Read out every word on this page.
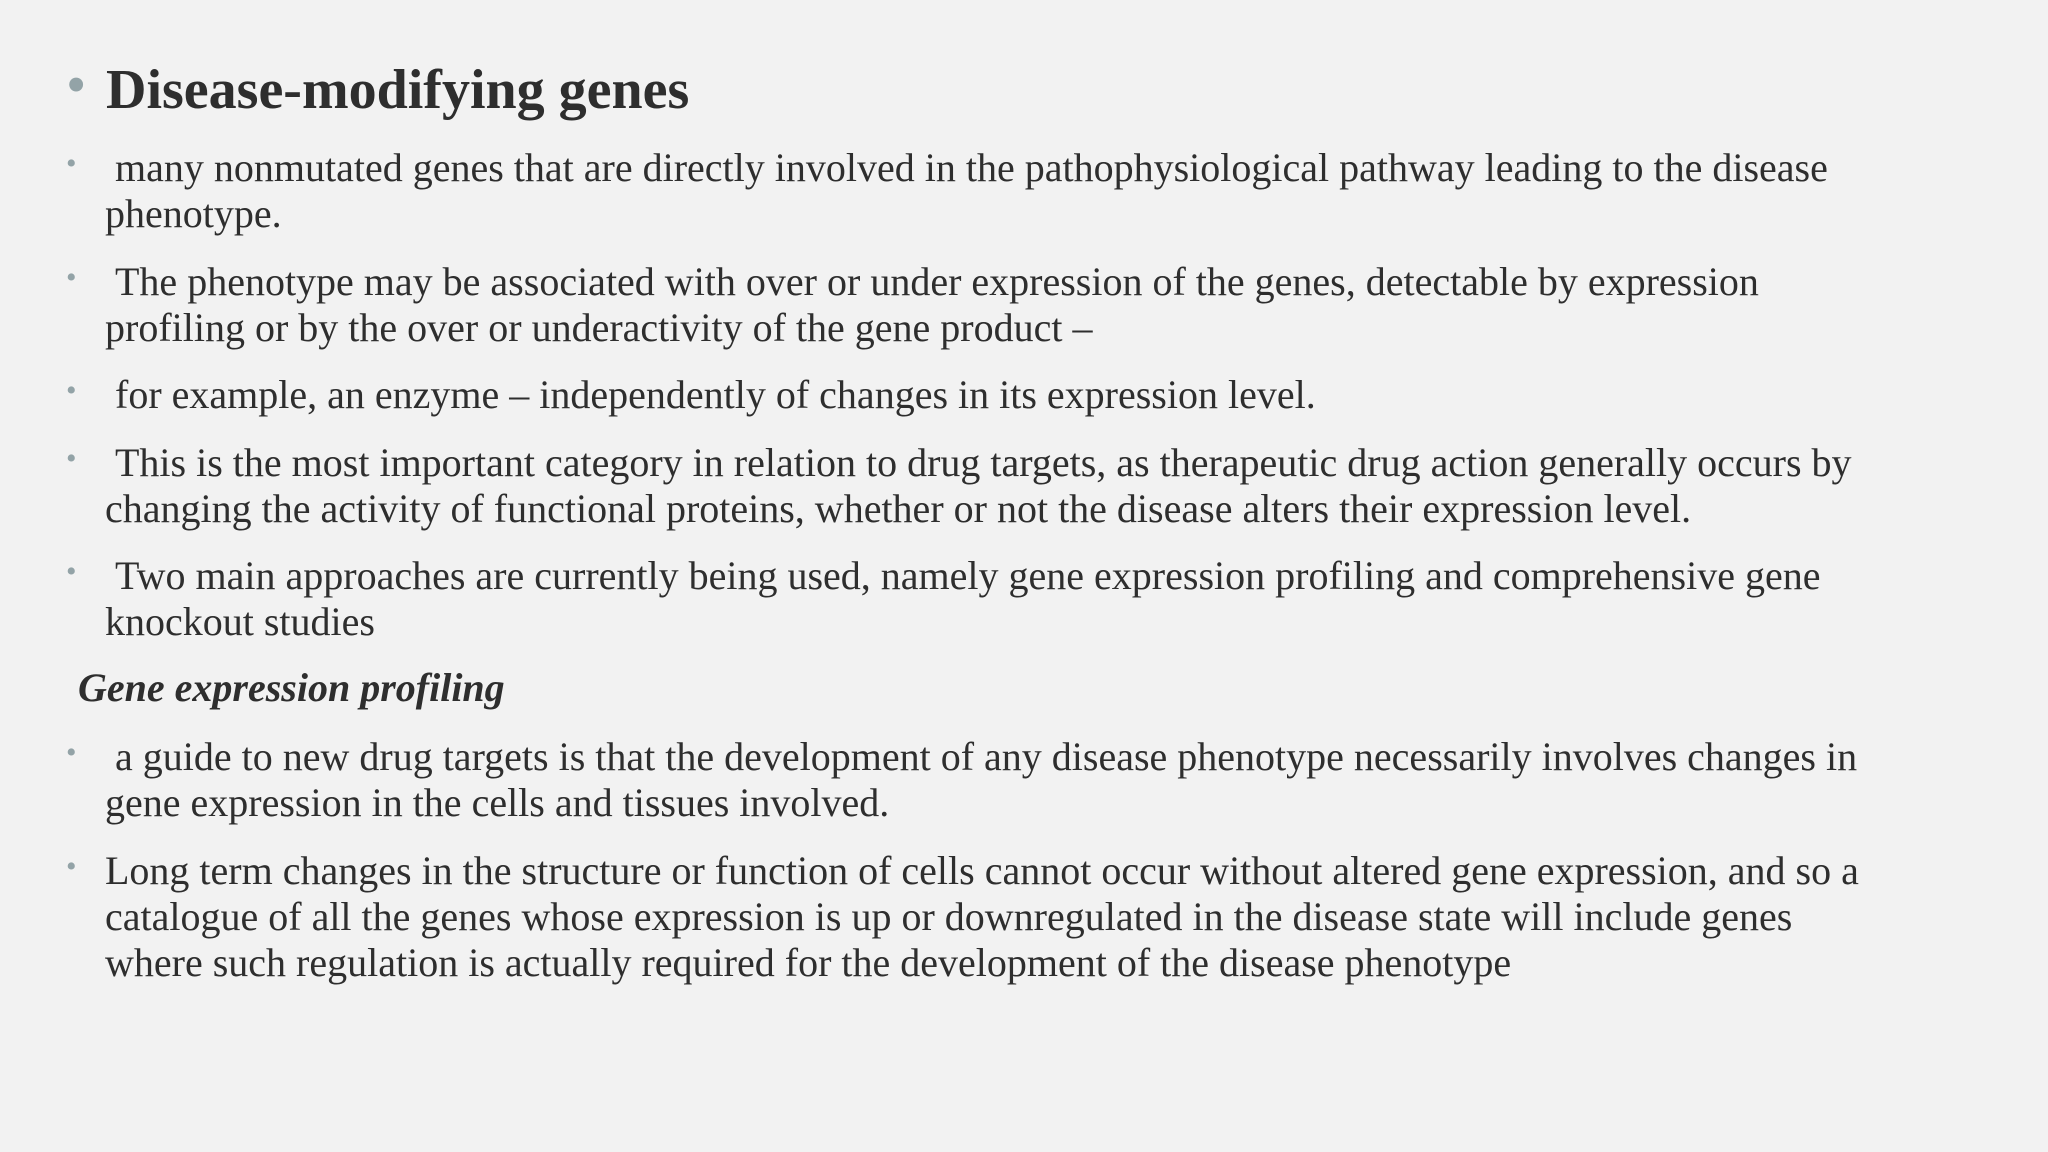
• Disease-modifying genes
• many nonmutated genes that are directly involved in the pathophysiological pathway leading to the disease
phenotype.
• The phenotype may be associated with over or under expression of the genes, detectable by expression
profiling or by the over or underactivity of the gene product –
• for example, an enzyme – independently of changes in its expression level.
• This is the most important category in relation to drug targets, as therapeutic drug action generally occurs by
changing the activity of functional proteins, whether or not the disease alters their expression level.
• Two main approaches are currently being used, namely gene expression profiling and comprehensive gene
knockout studies
Gene expression profiling
• a guide to new drug targets is that the development of any disease phenotype necessarily involves changes in
gene expression in the cells and tissues involved.
• Long term changes in the structure or function of cells cannot occur without altered gene expression, and so a
catalogue of all the genes whose expression is up or downregulated in the disease state will include genes
where such regulation is actually required for the development of the disease phenotype
